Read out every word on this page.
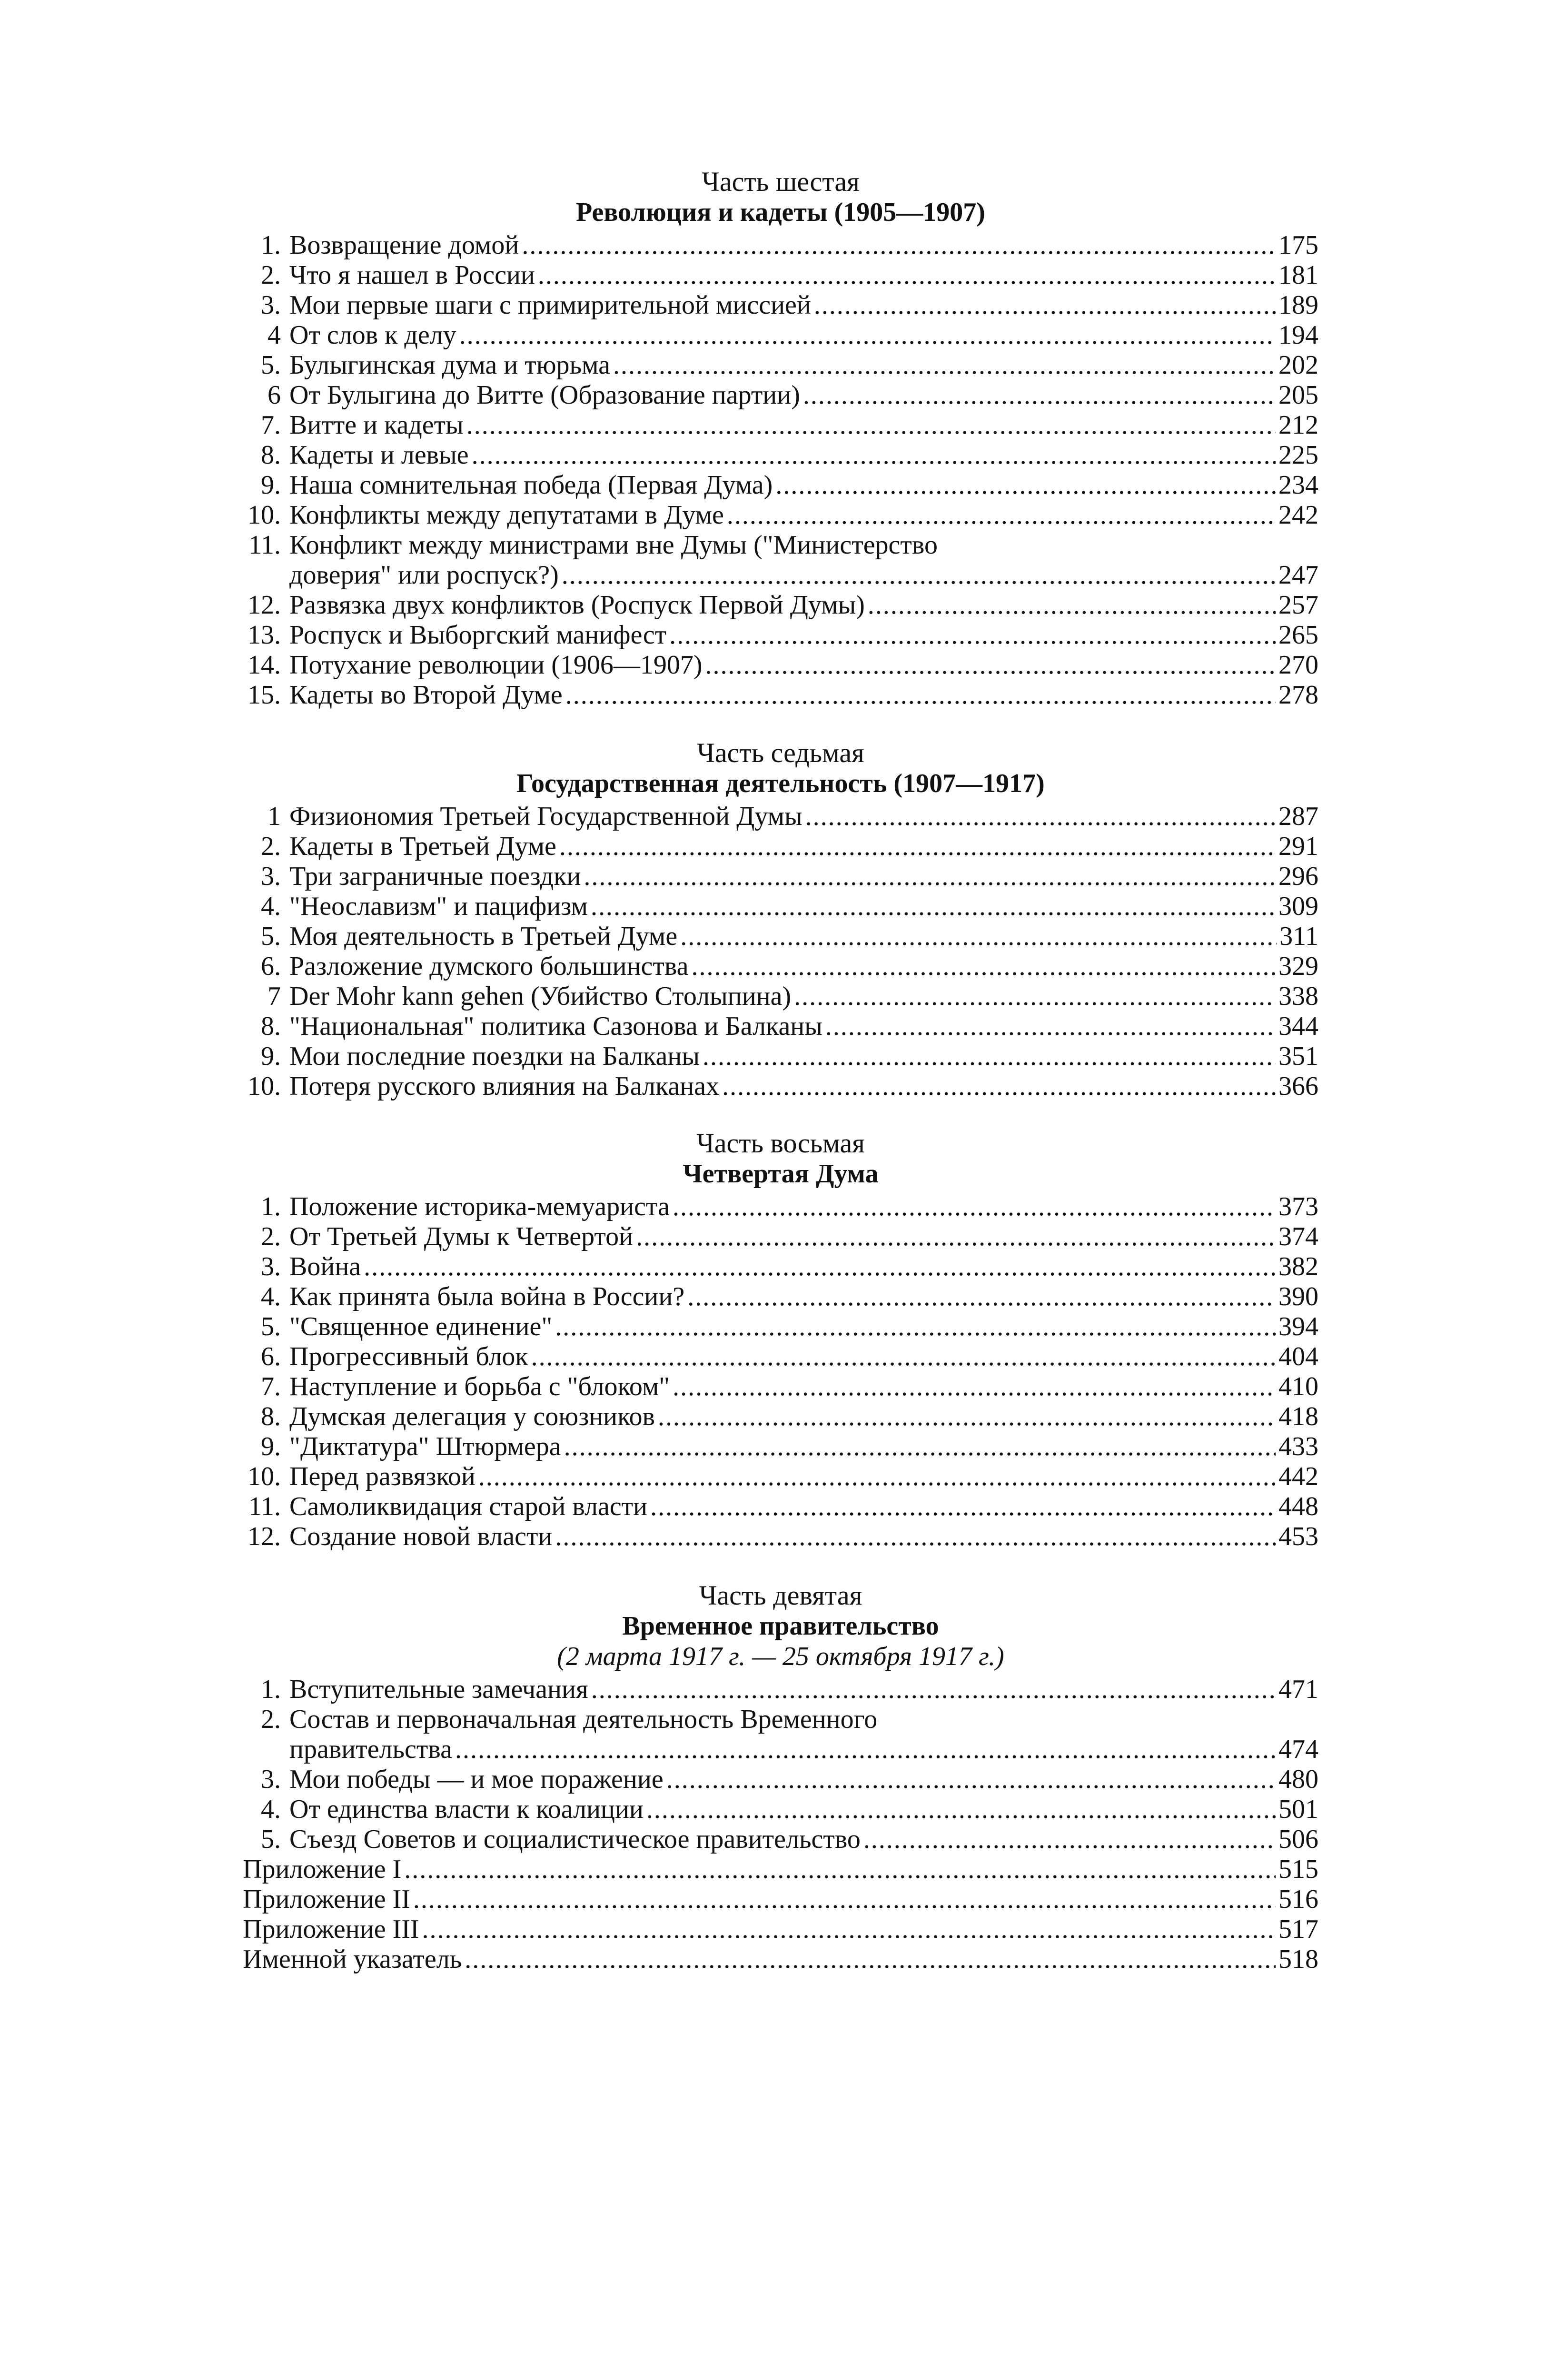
Часть шестая
Революция и кадеты (1905—1907)
1. Возвращение домой .....	175
2. Что я нашел в России .....	181
3. Мои первые шаги с примирительной миссией .....	189
4 От слов к делу .....	194
5. Булыгинская дума и тюрьма .....	202
6 От Булыгина до Витте (Образование партии) .....	205
7. Витте и кадеты .....	212
8. Кадеты и левые .....	225
9. Наша сомнительная победа (Первая Дума) .....	234
10. Конфликты между депутатами в Думе .....	242
11. Конфликт между министрами вне Думы ("Министерство
доверия" или роспуск?) .....	247
12. Развязка двух конфликтов (Роспуск Первой Думы) .....	257
13. Роспуск и Выборгский манифест .....	265
14. Потухание революции (1906—1907) .....	270
15. Кадеты во Второй Думе .....	278
Часть седьмая
Государственная деятельность (1907—1917)
1 Физиономия Третьей Государственной Думы .....	287
2. Кадеты в Третьей Думе .....	291
3. Три заграничные поездки .....	296
4. "Неославизм" и пацифизм .....	309
5. Моя деятельность в Третьей Думе .....	311
6. Разложение думского большинства .....	329
7 Der Mohr kann gehen (Убийство Столыпина) .....	338
8. "Национальная" политика Сазонова и Балканы .....	344
9. Мои последние поездки на Балканы .....	351
10. Потеря русского влияния на Балканах .....	366
Часть восьмая
Четвертая Дума
1. Положение историка-мемуариста .....	373
2. От Третьей Думы к Четвертой .....	374
3. Война .....	382
4. Как принята была война в России? .....	390
5. "Священное единение" .....	394
6. Прогрессивный блок .....	404
7. Наступление и борьба с "блоком" .....	410
8. Думская делегация у союзников .....	418
9. "Диктатура" Штюрмера .....	433
10. Перед развязкой .....	442
11. Самоликвидация старой власти .....	448
12. Создание новой власти .....	453
Часть девятая
Временное правительство
(2 марта 1917 г. — 25 октября 1917 г.)
1. Вступительные замечания .....	471
2. Состав и первоначальная деятельность Временного
правительства .....	474
3. Мои победы — и мое поражение .....	480
4. От единства власти к коалиции .....	501
5. Съезд Советов и социалистическое правительство .....	506
Приложение I .....	515
Приложение II .....	516
Приложение III .....	517
Именной указатель .....	518
